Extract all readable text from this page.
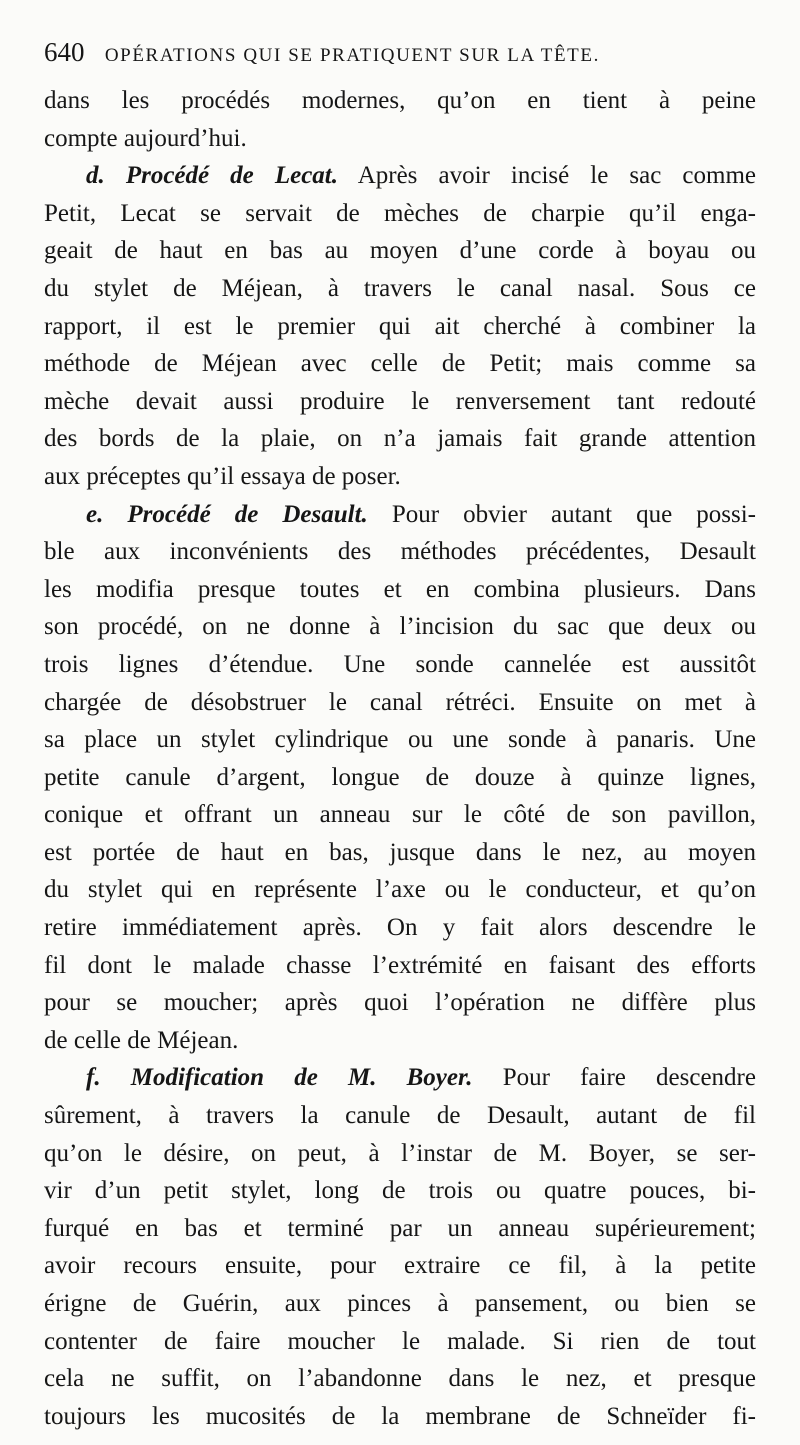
640 OPÉRATIONS QUI SE PRATIQUENT SUR LA TÊTE.
dans les procédés modernes, qu’on en tient à peine
compte aujourd’hui.
d. Procédé de Lecat. Après avoir incisé le sac comme
Petit, Lecat se servait de mèches de charpie qu’il enga-
geait de haut en bas au moyen d’une corde à boyau ou
du stylet de Méjean, à travers le canal nasal. Sous ce
rapport, il est le premier qui ait cherché à combiner la
méthode de Méjean avec celle de Petit; mais comme sa
mèche devait aussi produire le renversement tant redouté
des bords de la plaie, on n’a jamais fait grande attention
aux préceptes qu’il essaya de poser.
e. Procédé de Desault. Pour obvier autant que possi-
ble aux inconvénients des méthodes précédentes, Desault
les modifia presque toutes et en combina plusieurs. Dans
son procédé, on ne donne à l’incision du sac que deux ou
trois lignes d’étendue. Une sonde cannelée est aussitôt
chargée de désobstruer le canal rétréci. Ensuite on met à
sa place un stylet cylindrique ou une sonde à panaris. Une
petite canule d’argent, longue de douze à quinze lignes,
conique et offrant un anneau sur le côté de son pavillon,
est portée de haut en bas, jusque dans le nez, au moyen
du stylet qui en représente l’axe ou le conducteur, et qu’on
retire immédiatement après. On y fait alors descendre le
fil dont le malade chasse l’extrémité en faisant des efforts
pour se moucher; après quoi l’opération ne diffère plus
de celle de Méjean.
f. Modification de M. Boyer. Pour faire descendre
sûrement, à travers la canule de Desault, autant de fil
qu’on le désire, on peut, à l’instar de M. Boyer, se ser-
vir d’un petit stylet, long de trois ou quatre pouces, bi-
furqué en bas et terminé par un anneau supérieurement;
avoir recours ensuite, pour extraire ce fil, à la petite
érigne de Guérin, aux pinces à pansement, ou bien se
contenter de faire moucher le malade. Si rien de tout
cela ne suffit, on l’abandonne dans le nez, et presque
toujours les mucosités de la membrane de Schneïder fi-
